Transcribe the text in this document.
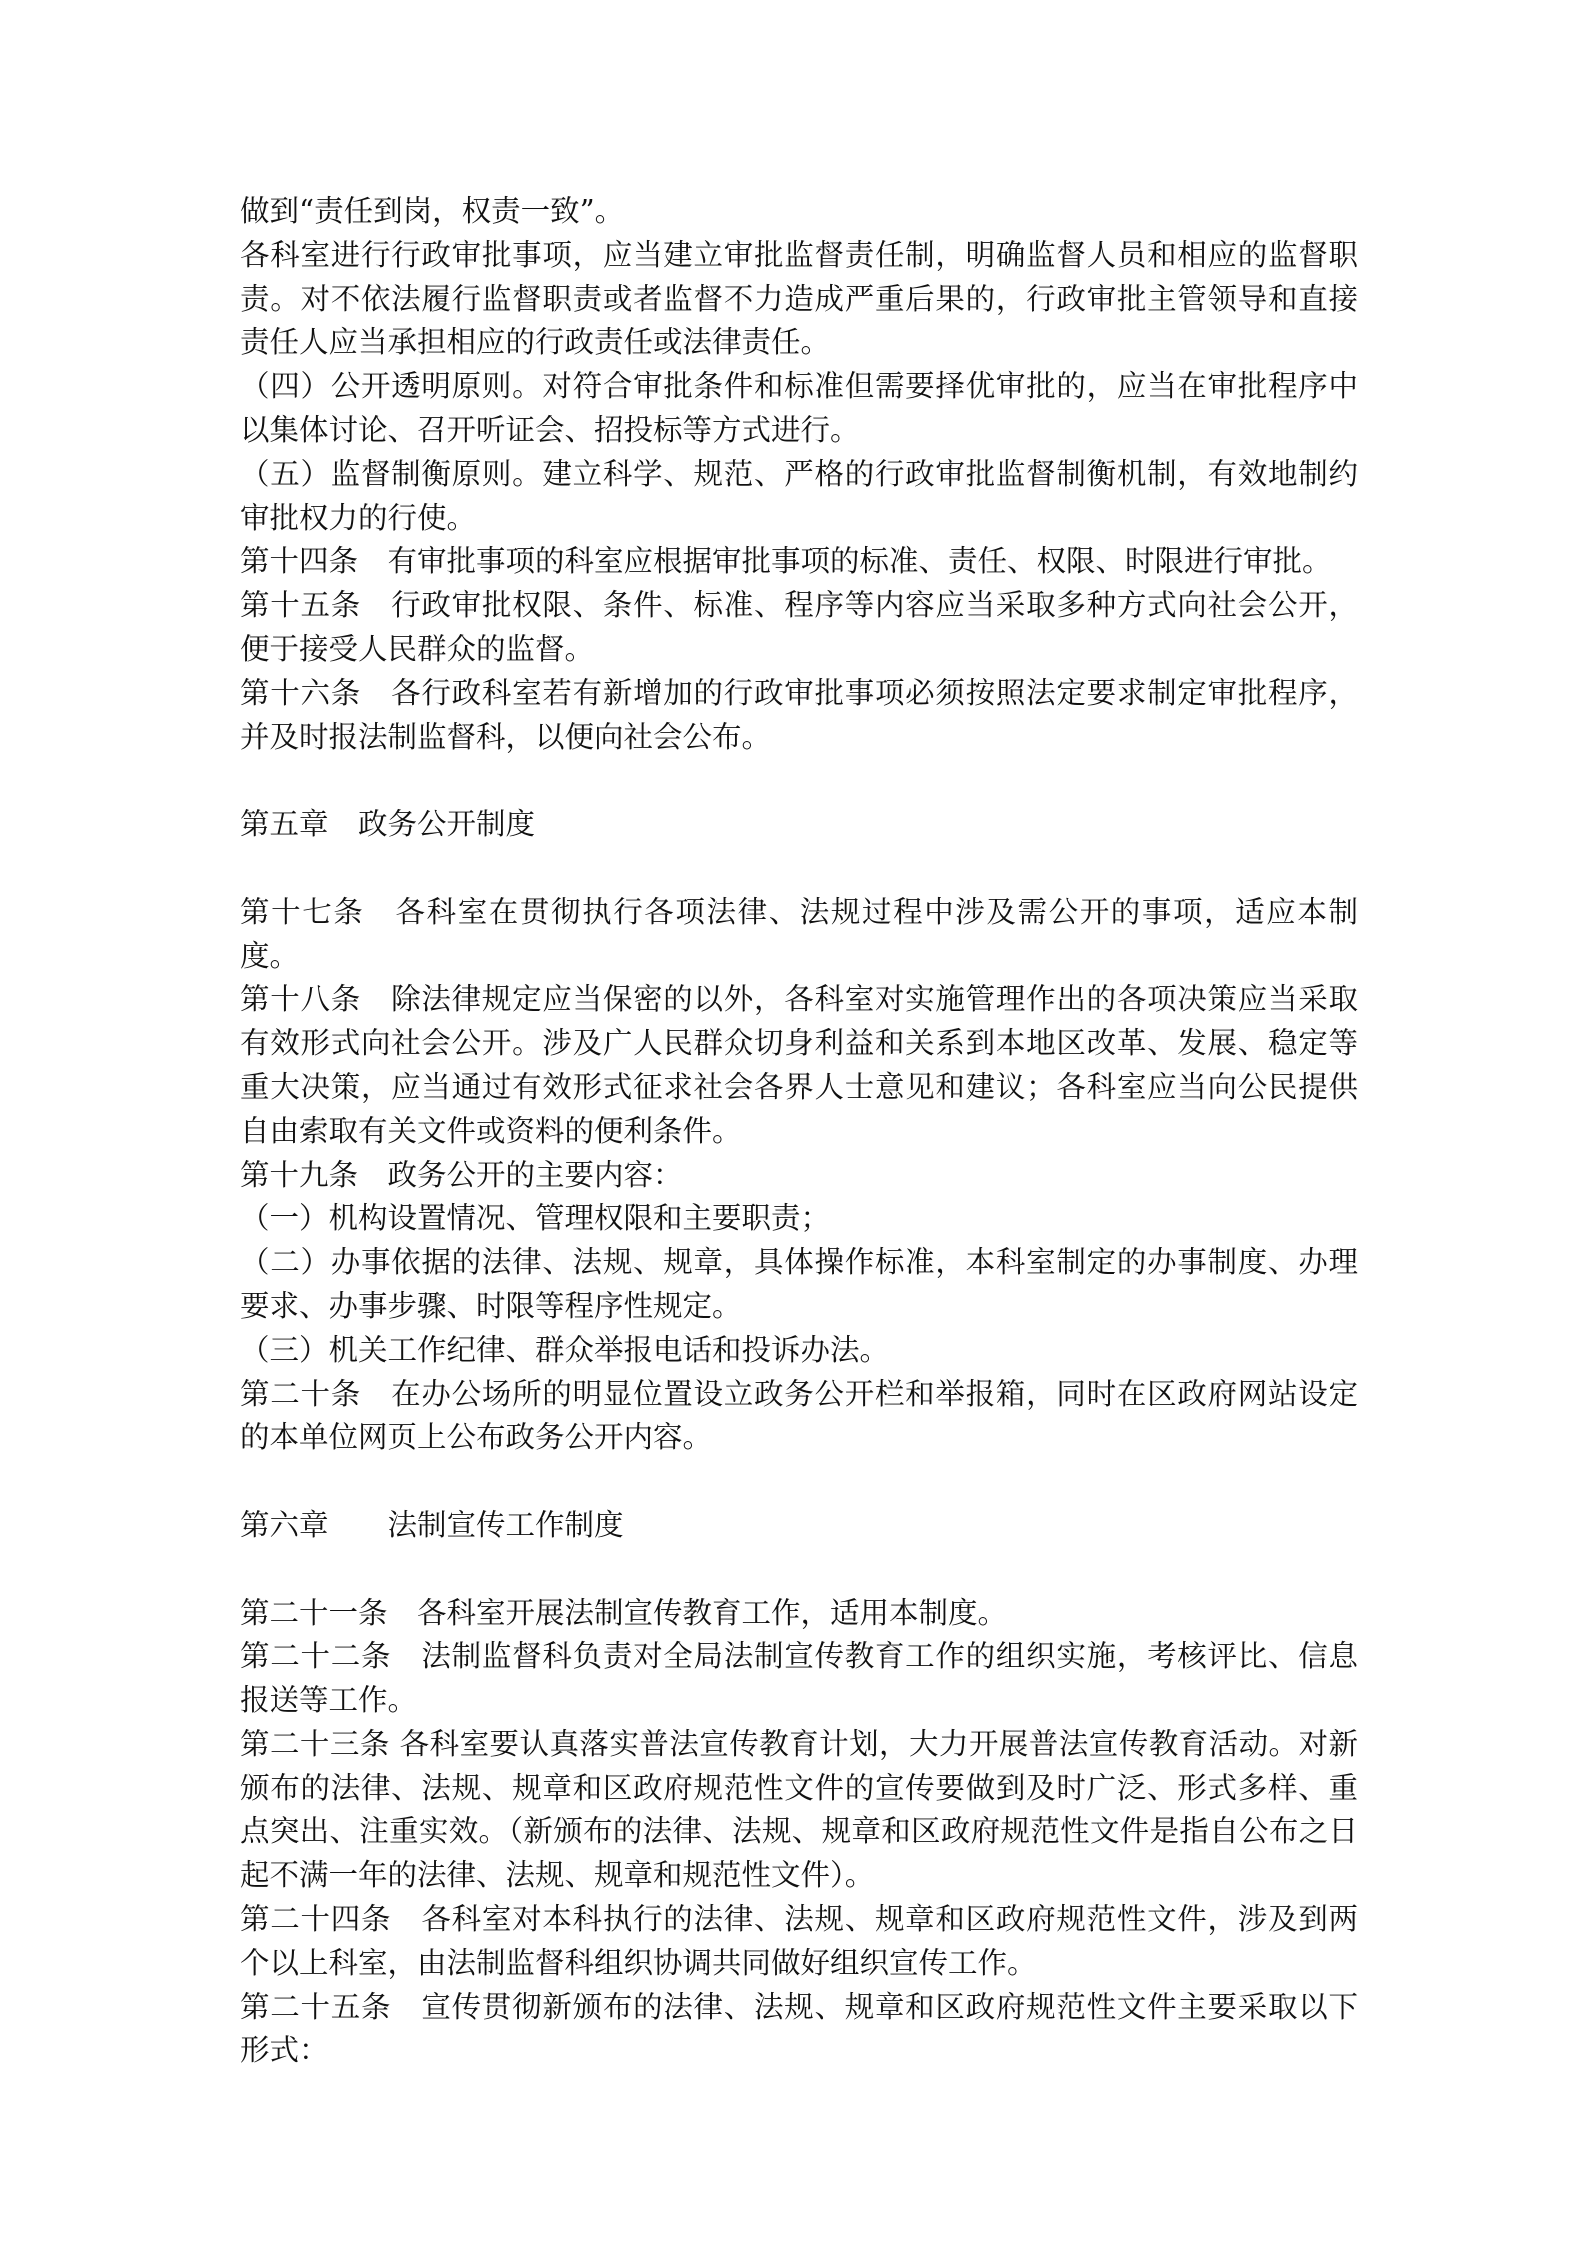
做到“责任到岗，权责一致”。

各科室进行行政审批事项，应当建立审批监督责任制，明确监督人员和相应的监督职责。对不依法履行监督职责或者监督不力造成严重后果的，行政审批主管领导和直接责任人应当承担相应的行政责任或法律责任。

（四）公开透明原则。对符合审批条件和标准但需要择优审批的，应当在审批程序中以集体讨论、召开听证会、招投标等方式进行。

（五）监督制衡原则。建立科学、规范、严格的行政审批监督制衡机制，有效地制约审批权力的行使。

第十四条　有审批事项的科室应根据审批事项的标准、责任、权限、时限进行审批。

第十五条　行政审批权限、条件、标准、程序等内容应当采取多种方式向社会公开，便于接受人民群众的监督。

第十六条　各行政科室若有新增加的行政审批事项必须按照法定要求制定审批程序，并及时报法制监督科，以便向社会公布。

第五章　政务公开制度

第十七条　各科室在贯彻执行各项法律、法规过程中涉及需公开的事项，适应本制度。

第十八条　除法律规定应当保密的以外，各科室对实施管理作出的各项决策应当采取有效形式向社会公开。涉及广人民群众切身利益和关系到本地区改革、发展、稳定等重大决策，应当通过有效形式征求社会各界人士意见和建议；各科室应当向公民提供自由索取有关文件或资料的便利条件。

第十九条　政务公开的主要内容：

（一）机构设置情况、管理权限和主要职责；

（二）办事依据的法律、法规、规章，具体操作标准，本科室制定的办事制度、办理要求、办事步骤、时限等程序性规定。

（三）机关工作纪律、群众举报电话和投诉办法。

第二十条　在办公场所的明显位置设立政务公开栏和举报箱，同时在区政府网站设定的本单位网页上公布政务公开内容。

第六章　　法制宣传工作制度

第二十一条　各科室开展法制宣传教育工作，适用本制度。

第二十二条　法制监督科负责对全局法制宣传教育工作的组织实施，考核评比、信息报送等工作。

第二十三条 各科室要认真落实普法宣传教育计划，大力开展普法宣传教育活动。对新颁布的法律、法规、规章和区政府规范性文件的宣传要做到及时广泛、形式多样、重点突出、注重实效。（新颁布的法律、法规、规章和区政府规范性文件是指自公布之日起不满一年的法律、法规、规章和规范性文件）。

第二十四条　各科室对本科执行的法律、法规、规章和区政府规范性文件，涉及到两个以上科室，由法制监督科组织协调共同做好组织宣传工作。

第二十五条　宣传贯彻新颁布的法律、法规、规章和区政府规范性文件主要采取以下形式：
